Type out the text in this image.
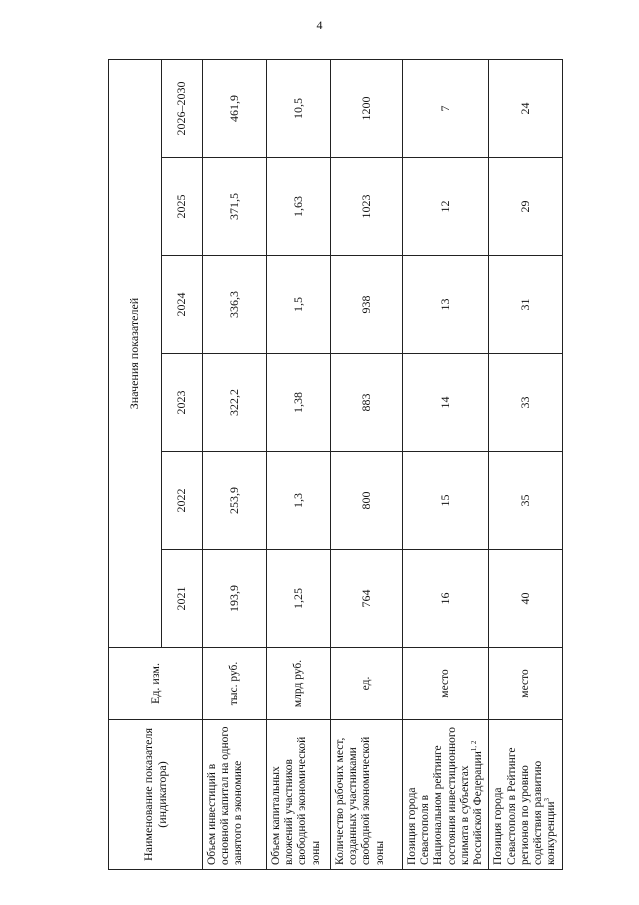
4
Наименование показателя (индикатора)	Ед. изм.	Значения показателей					
		2021	2022	2023	2024	2025	2026–2030
Объем инвестиций в основной капитал на одного занятого в экономике	тыс. руб.	193,9	253,9	322,2	336,3	371,5	461,9
Объем капитальных вложений участников свободной экономической зоны	млрд руб.	1,25	1,3	1,38	1,5	1,63	10,5
Количество рабочих мест, созданных участниками свободной экономической зоны	ед.	764	800	883	938	1023	1200
Позиция города Севастополя в Национальном рейтинге состояния инвестиционного климата в субъектах Российской Федерации$^{1, 2}$	место	16	15	14	13	12	7
Позиция города Севастополя в Рейтинге регионов по уровню содействия развитию конкуренции$^3$	место	40	35	33	31	29	24
